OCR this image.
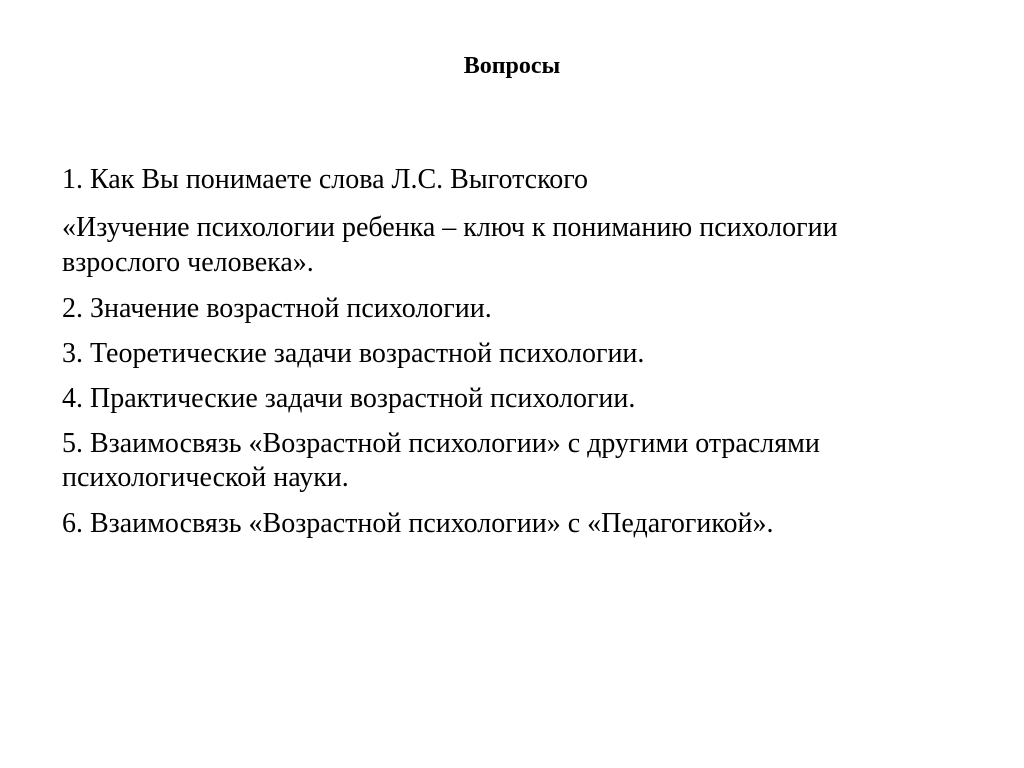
Вопросы
1. Как Вы понимаете слова Л.С. Выготского
«Изучение психологии ребенка – ключ к пониманию психологии
взрослого человека».
2. Значение возрастной психологии.
3. Теоретические задачи возрастной психологии.
4. Практические задачи возрастной психологии.
5. Взаимосвязь «Возрастной психологии» с другими отраслями
психологической науки.
6. Взаимосвязь «Возрастной психологии» с «Педагогикой».
